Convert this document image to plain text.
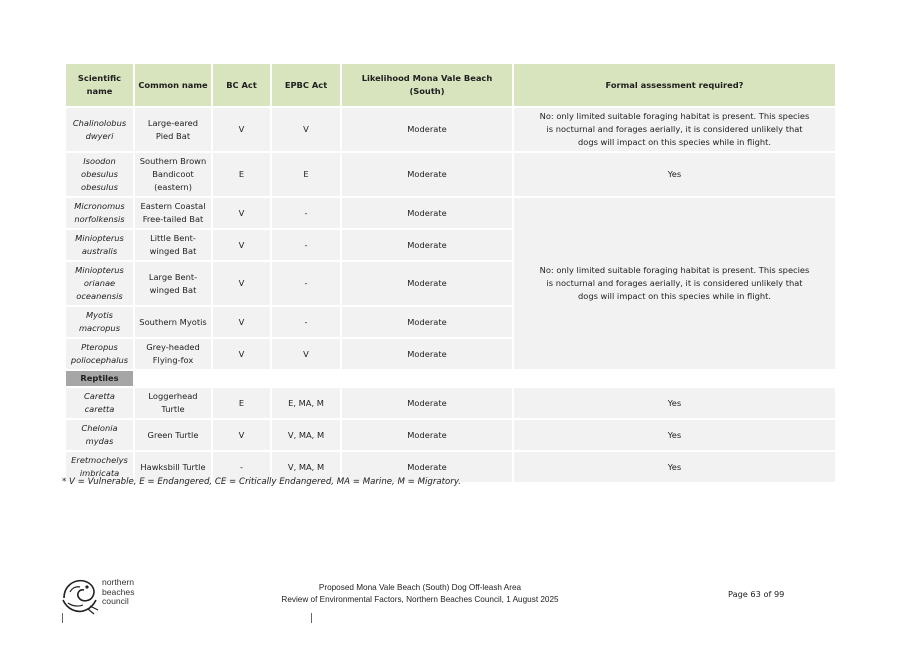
Scientific name	Common name	BC Act	EPBC Act	Likelihood Mona Vale Beach (South)	Formal assessment required?
Chalinolobus dwyeri	Large-eared Pied Bat	V	V	Moderate	No: only limited suitable foraging habitat is present. This species is nocturnal and forages aerially, it is considered unlikely that dogs will impact on this species while in flight.
Isoodon obesulus obesulus	Southern Brown Bandicoot (eastern)	E	E	Moderate	Yes
Micronomus norfolkensis	Eastern Coastal Free-tailed Bat	V	-	Moderate	No: only limited suitable foraging habitat is present. This species is nocturnal and forages aerially, it is considered unlikely that dogs will impact on this species while in flight.
Miniopterus australis	Little Bent-winged Bat	V	-	Moderate	
Miniopterus orianae oceanensis	Large Bent-winged Bat	V	-	Moderate	
Myotis macropus	Southern Myotis	V	-	Moderate	
Pteropus poliocephalus	Grey-headed Flying-fox	V	V	Moderate	
Reptiles					
Caretta caretta	Loggerhead Turtle	E	E, MA, M	Moderate	Yes
Chelonia mydas	Green Turtle	V	V, MA, M	Moderate	Yes
Eretmochelys imbricata	Hawksbill Turtle	-	V, MA, M	Moderate	Yes
* V = Vulnerable, E = Endangered, CE = Critically Endangered, MA = Marine, M = Migratory.
northern
beaches
council
Proposed Mona Vale Beach (South) Dog Off-leash Area
Review of Environmental Factors, Northern Beaches Council, 1 August 2025
Page 63 of 99
